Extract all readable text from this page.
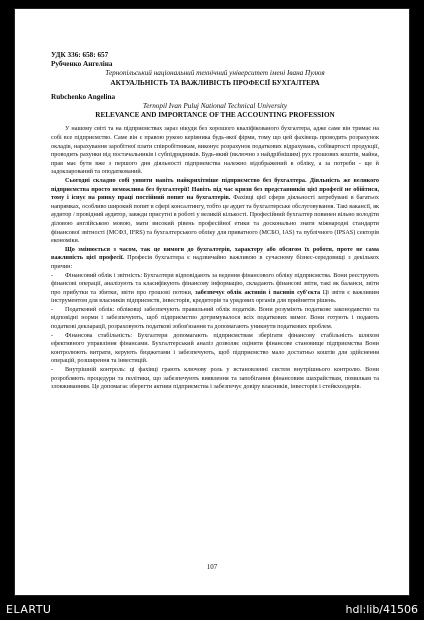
УДК 336: 658: 657
Рубченко Ангеліна
Тернопільський національний технічний університет імені Івана Пулюя
АКТУАЛЬНІСТЬ ТА ВАЖЛИВІСТЬ ПРОФЕСІЇ БУХГАЛТЕРА
Rubchenko Angelina
Ternopil Ivan Puluj National Technical University
RELEVANCE AND IMPORTANCE OF THE ACCOUNTING PROFESSION

У нашому світі та на підприємствах зараз нікуди без хорошого кваліфікованого бухгалтера, адже саме він тримає на собі все підприємство. Саме він є правою рукою керівника будь-якої фірми, тому що цей фахівець проводить розрахунок окладів, нарахування заробітної плати співробітникам, виконує розрахунок податкових відрахувань, собівартості продукції, проводить рахунки від постачальників і субпідрядників. Будь-який (включно з найдрібнішим) рух грошових коштів, майна, прав має бути вже з першого дня діяльності підприємства належно відображений в обліку, а за потреби - ще й задокларований та оподаткований.

Сьогодні складно собі уявити навіть найкрихітніше підприємство без бухгалтера. Діяльність же великого підприємства просто неможлива без бухгалтерії! Навіть під час кризи без представників цієї професії не обійтися, тому і існує на ринку праці постійний попит на бухгалтерів. Фахівці цієї сфери діяльності затребувані в багатьох напрямках, особливо широкий попит в сфері консалтингу, тобто це аудит та бухгалтерське обслуговування. Такі вакансії, як аудитор / провідний аудитор, завжди присутні в роботі у великій кількості. Професійний бухгалтер повинен вільно володіти діловою англійською мовою, мати високий рівень професійної етики та досконально знати міжнародні стандарти фінансової звітності (МСФЗ, IFRS) та бухгалтерського обліку для приватного (МСБО, IAS) та публічного (IPSAS) секторів економіки.

Що змінюється з часом, так це вимоги до бухгалтерів, характеру або обсягом їх роботи, проте не сама важливість цієї професії. Професія бухгалтера є надзвичайно важливою в сучасному бізнес-середовищі з декількох причин:

- Фінансовий облік і звітність: Бухгалтери відповідають за ведення фінансового обліку підприємства. Вони реєструють фінансові операції, аналізують та класифікують фінансову інформацію, складають фінансові звіти, такі як баланси, звіти про прибутки та збитки, звіти про грошові потоки, забезпечує облік активів і пасивів суб'єкта Ці звіти є важливим інструментом для власників підприємств, інвесторів, кредиторів та урядових органів для прийняття рішень.

- Податковий облік: обліковці забезпечують правильний облік податків. Вони розуміють податкове законодавство та відповідні норми і забезпечують, щоб підприємство дотримувалося всіх податкових вимог. Вони готують і подають податкові декларації, розраховують податкові зобов'язання та допомагають уникнути податкових проблем.

- Фінансова стабільність: Бухгалтери допомагають підприємствам зберігати фінансову стабільність шляхом ефективного управління фінансами. Бухгалтерський аналіз дозволяє оцінити фінансове становище підприємства Вони контролюють витрати, керують бюджетами і забезпечують, щоб підприємство мало достатньо коштів для здійснення операцій, розширення та інвестицій.

- Внутрішній контроль: ці фахівці грають ключову роль у встановленні систем внутрішнього контролю. Вони розробляють процедури та політики, що забезпечують виявлення та запобігання фінансовим шахрайствам, помилкам та зловживанням. Це допомагає зберегти активи підприємства і забезпечує довіру власників, інвесторів і стейкхолдерів.

107
ELARTU	hdl:lib/41506
